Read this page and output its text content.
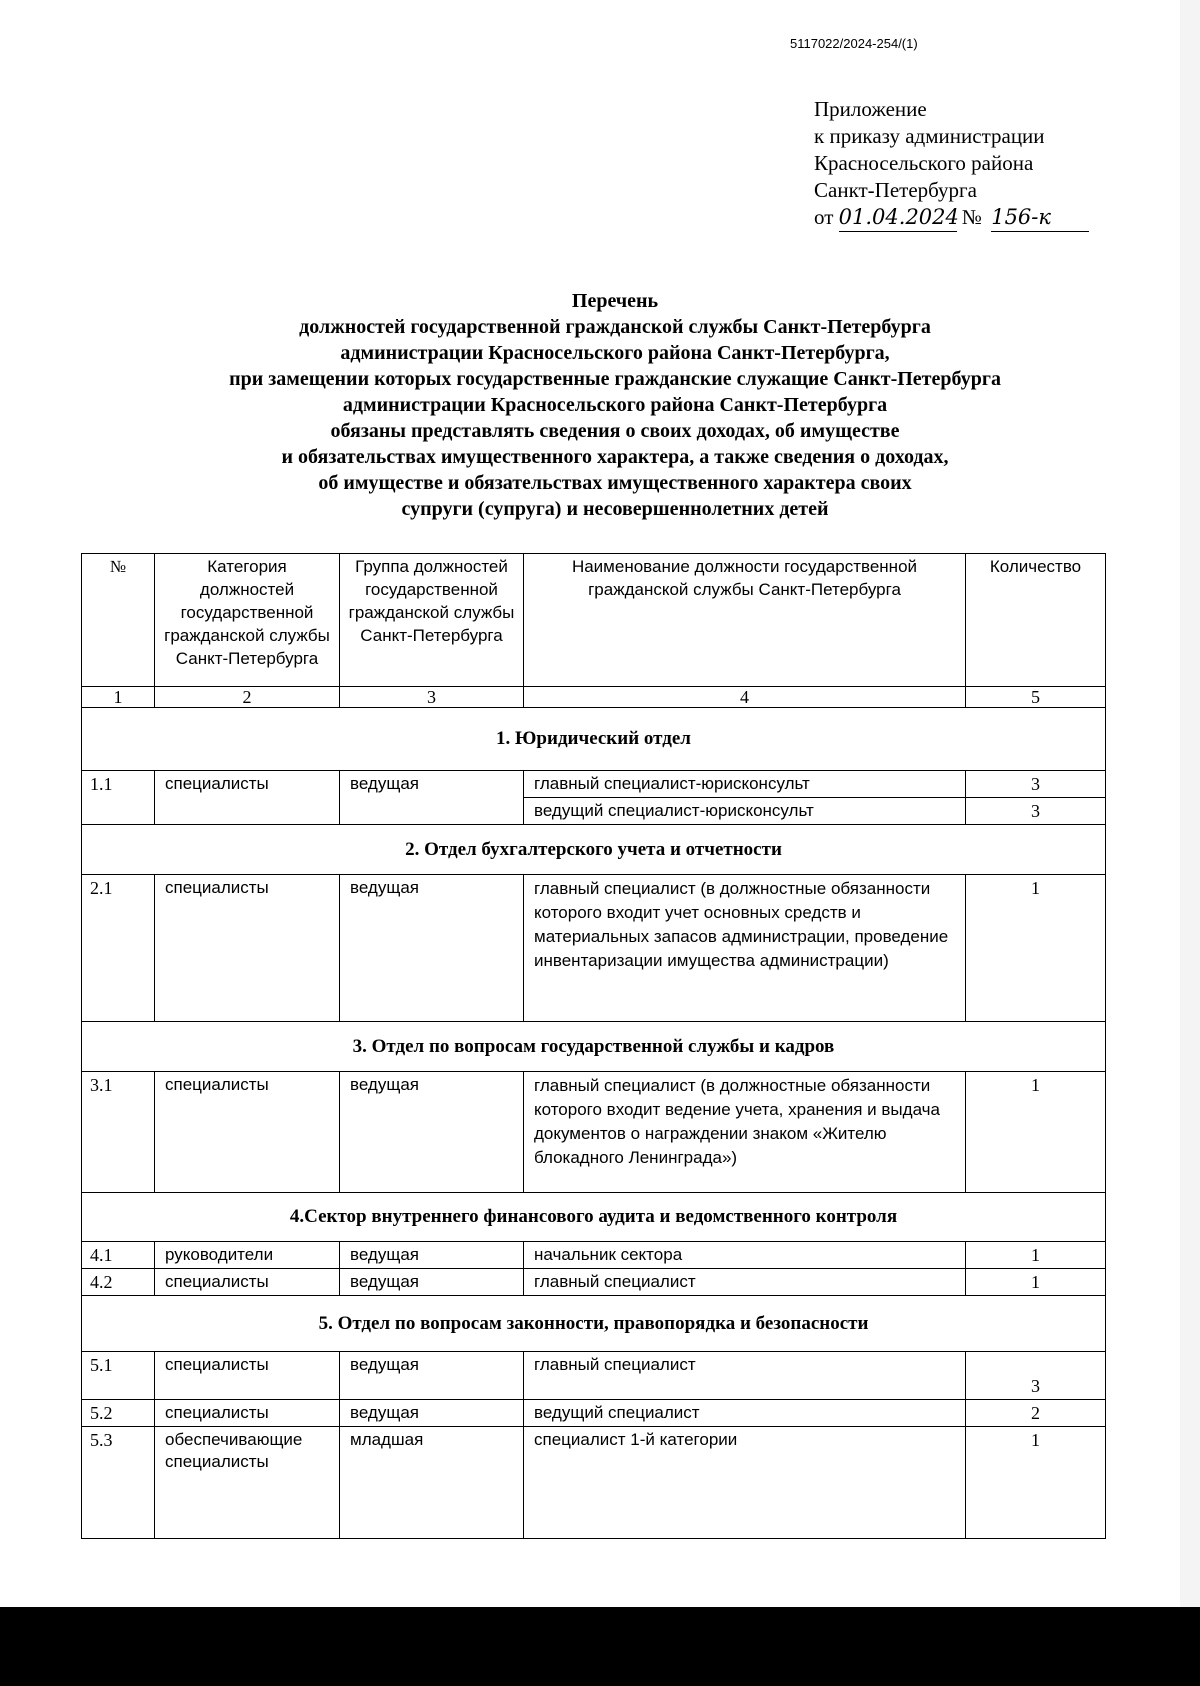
5117022/2024-254/(1)
Приложение
к приказу администрации
Красносельского района
Санкт-Петербурга
от 01.04.2024 № 156-к
Перечень
должностей государственной гражданской службы Санкт-Петербурга
администрации Красносельского района Санкт-Петербурга,
при замещении которых государственные гражданские служащие Санкт-Петербурга
администрации Красносельского района Санкт-Петербурга
обязаны представлять сведения о своих доходах, об имуществе
и обязательствах имущественного характера, а также сведения о доходах,
об имуществе и обязательствах имущественного характера своих
супруги (супруга) и несовершеннолетних детей
№	Категория должностей государственной гражданской службы Санкт-Петербурга	Группа должностей государственной гражданской службы Санкт-Петербурга	Наименование должности государственной гражданской службы Санкт-Петербурга	Количество
1	2	3	4	5
1. Юридический отдел				
1.1	специалисты	ведущая	главный специалист-юрисконсульт	3
			ведущий специалист-юрисконсульт	3
2. Отдел бухгалтерского учета и отчетности				
2.1	специалисты	ведущая	главный специалист (в должностные обязанности которого входит учет основных средств и материальных запасов администрации, проведение инвентаризации имущества администрации)	1
3. Отдел по вопросам государственной службы и кадров				
3.1	специалисты	ведущая	главный специалист (в должностные обязанности которого входит ведение учета, хранения и выдача документов о награждении знаком «Жителю блокадного Ленинграда»)	1
4.Сектор внутреннего финансового аудита и ведомственного контроля				
4.1	руководители	ведущая	начальник сектора	1
4.2	специалисты	ведущая	главный специалист	1
5. Отдел по вопросам законности, правопорядка и безопасности				
5.1	специалисты	ведущая	главный специалист	3
5.2	специалисты	ведущая	ведущий специалист	2
5.3	обеспечивающие специалисты	младшая	специалист 1-й категории	1
